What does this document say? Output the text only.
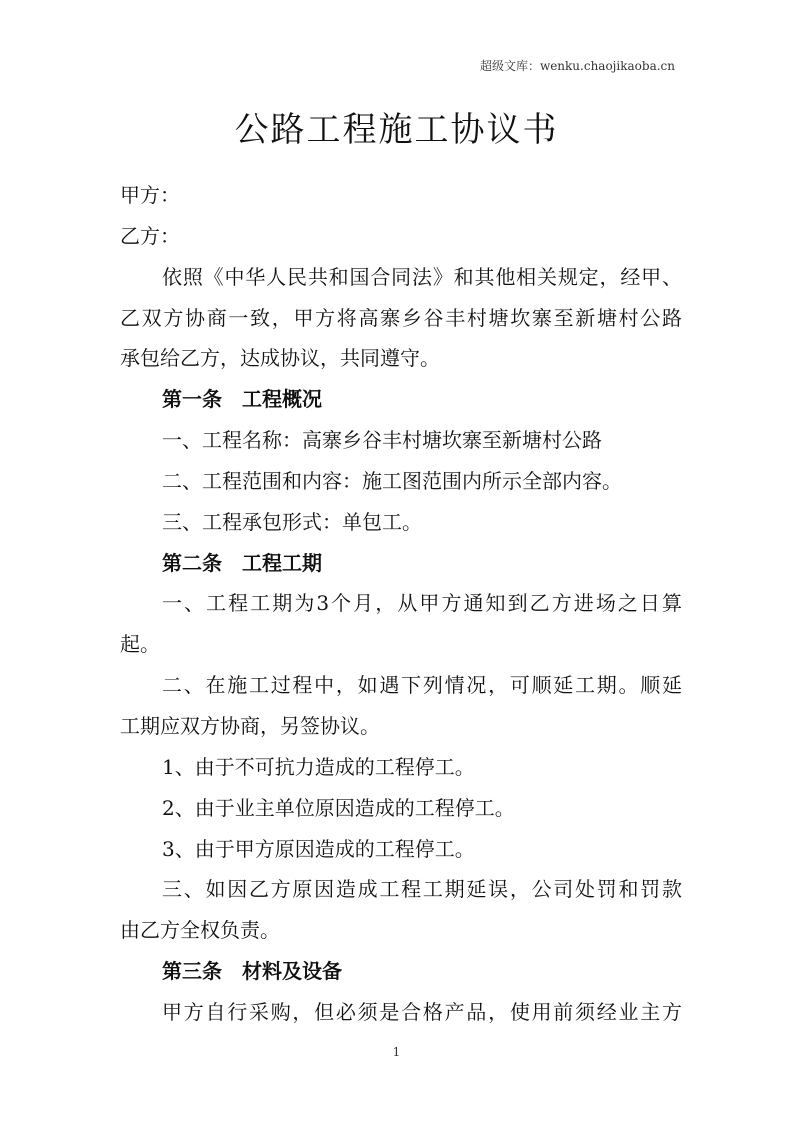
超级文库：wenku.chaojikaoba.cn
公路工程施工协议书
甲方：
乙方：
依照《中华人民共和国合同法》和其他相关规定，经甲、
乙双方协商一致，甲方将高寨乡谷丰村塘坎寨至新塘村公路
承包给乙方，达成协议，共同遵守。
第一条　工程概况
一、工程名称：高寨乡谷丰村塘坎寨至新塘村公路
二、工程范围和内容：施工图范围内所示全部内容。
三、工程承包形式：单包工。
第二条　工程工期
一、工程工期为3个月，从甲方通知到乙方进场之日算
起。
二、在施工过程中，如遇下列情况，可顺延工期。顺延
工期应双方协商，另签协议。
1、由于不可抗力造成的工程停工。
2、由于业主单位原因造成的工程停工。
3、由于甲方原因造成的工程停工。
三、如因乙方原因造成工程工期延误，公司处罚和罚款
由乙方全权负责。
第三条　材料及设备
甲方自行采购，但必须是合格产品，使用前须经业主方
1
